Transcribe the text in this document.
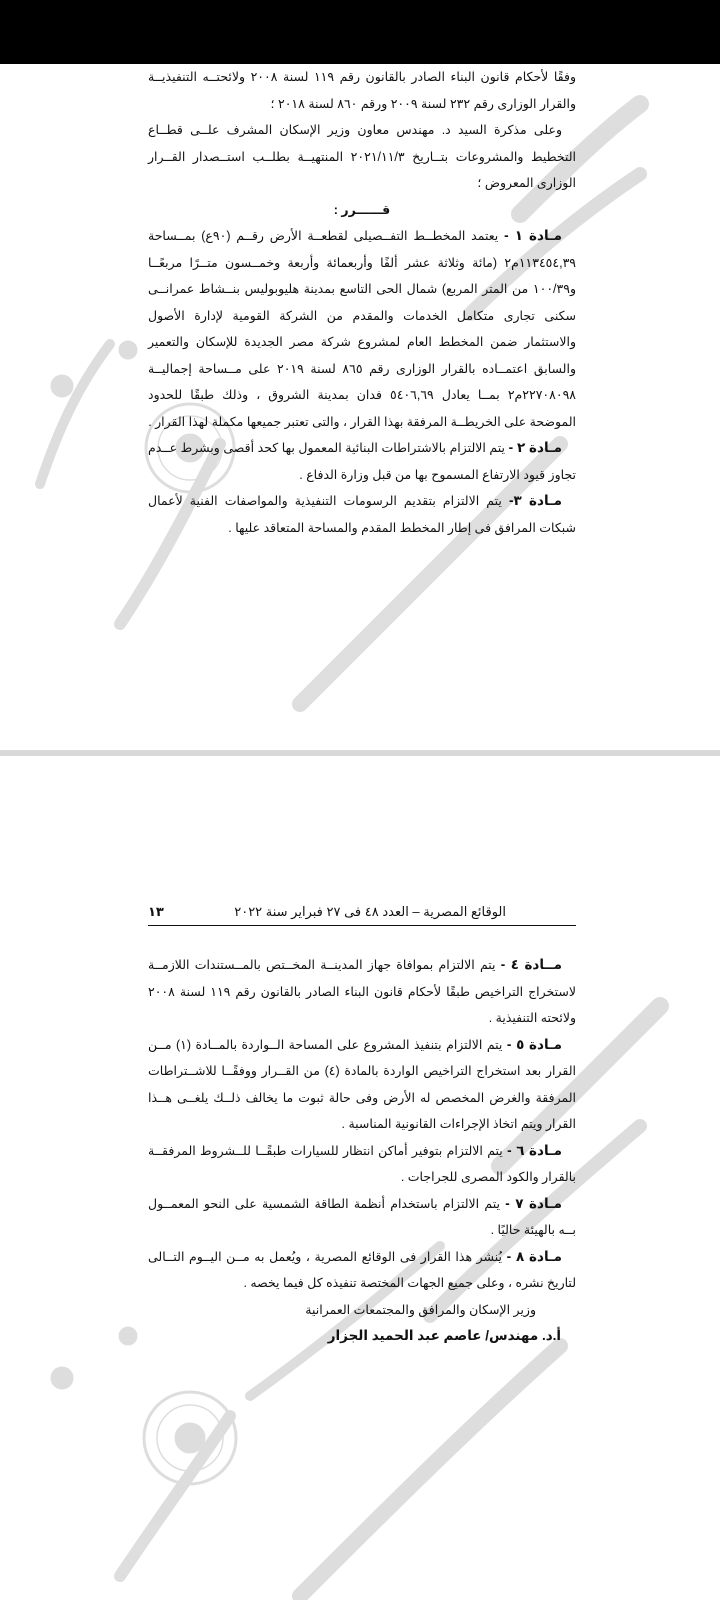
وفقًا لأحكام قانون البناء الصادر بالقانون رقم ١١٩ لسنة ٢٠٠٨ ولائحتــه التنفيذيــة والقرار الوزارى رقم ٢٣٢ لسنة ٢٠٠٩ ورقم ٨٦٠ لسنة ٢٠١٨ ؛

وعلى مذكرة السيد د. مهندس معاون وزير الإسكان المشرف علــى قطــاع التخطيط والمشروعات بتــاريخ ٢٠٢١/١١/٣ المنتهيــة بطلــب استــصدار القــرار الوزارى المعروض ؛

قــــــرر :

مـادة ١ - يعتمد المخطــط التفــصيلى لقطعــة الأرض رقــم (٩٠ع) بمــساحة ١١٣٤٥٤,٣٩م٢ (مائة وثلاثة عشر ألفًا وأربعمائة وأربعة وخمــسون متــرًا مربعًــا و١٠٠/٣٩ من المتر المربع) شمال الحى التاسع بمدينة هليوبوليس بنــشاط عمرانــى سكنى تجارى متكامل الخدمات والمقدم من الشركة القومية لإدارة الأصول والاستثمار ضمن المخطط العام لمشروع شركة مصر الجديدة للإسكان والتعمير والسابق اعتمــاده بالقرار الوزارى رقم ٨٦٥ لسنة ٢٠١٩ على مــساحة إجماليــة ٢٢٧٠٨٠٩٨م٢ بمــا يعادل ٥٤٠٦,٦٩ فدان بمدينة الشروق ، وذلك طبقًا للحدود الموضحة على الخريطــة المرفقة بهذا القرار ، والتى تعتبر جميعها مكملة لهذا القرار .

مـادة ٢ - يتم الالتزام بالاشتراطات البنائية المعمول بها كحد أقصى وبشرط عــدم تجاوز قيود الارتفاع المسموح بها من قبل وزارة الدفاع .

مـادة ٣- يتم الالتزام بتقديم الرسومات التنفيذية والمواصفات الفنية لأعمال شبكات المرافق فى إطار المخطط المقدم والمساحة المتعاقد عليها .

الوقائع المصرية – العدد ٤٨ فى ٢٧ فبراير سنة ٢٠٢٢
١٣

مــادة ٤ - يتم الالتزام بموافاة جهاز المدينــة المخــتص بالمــستندات اللازمــة لاستخراج التراخيص طبقًا لأحكام قانون البناء الصادر بالقانون رقم ١١٩ لسنة ٢٠٠٨ ولائحته التنفيذية .

مـادة ٥ - يتم الالتزام بتنفيذ المشروع على المساحة الــواردة بالمــادة (١) مــن القرار بعد استخراج التراخيص الواردة بالمادة (٤) من القــرار ووفقًــا للاشــتراطات المرفقة والغرض المخصص له الأرض وفى حالة ثبوت ما يخالف ذلــك يلغــى هــذا القرار ويتم اتخاذ الإجراءات القانونية المناسبة .

مـادة ٦ - يتم الالتزام بتوفير أماكن انتظار للسيارات طبقًــا للــشروط المرفقــة بالقرار والكود المصرى للجراجات .

مـادة ٧ - يتم الالتزام باستخدام أنظمة الطاقة الشمسية على النحو المعمــول بــه بالهيئة حاليًا .

مـادة ٨ - يُنشر هذا القرار فى الوقائع المصرية ، ويُعمل به مــن اليــوم التــالى لتاريخ نشره ، وعلى جميع الجهات المختصة تنفيذه كل فيما يخصه .

وزير الإسكان والمرافق والمجتمعات العمرانية
أ.د. مهندس/ عاصم عبد الحميد الجزار
